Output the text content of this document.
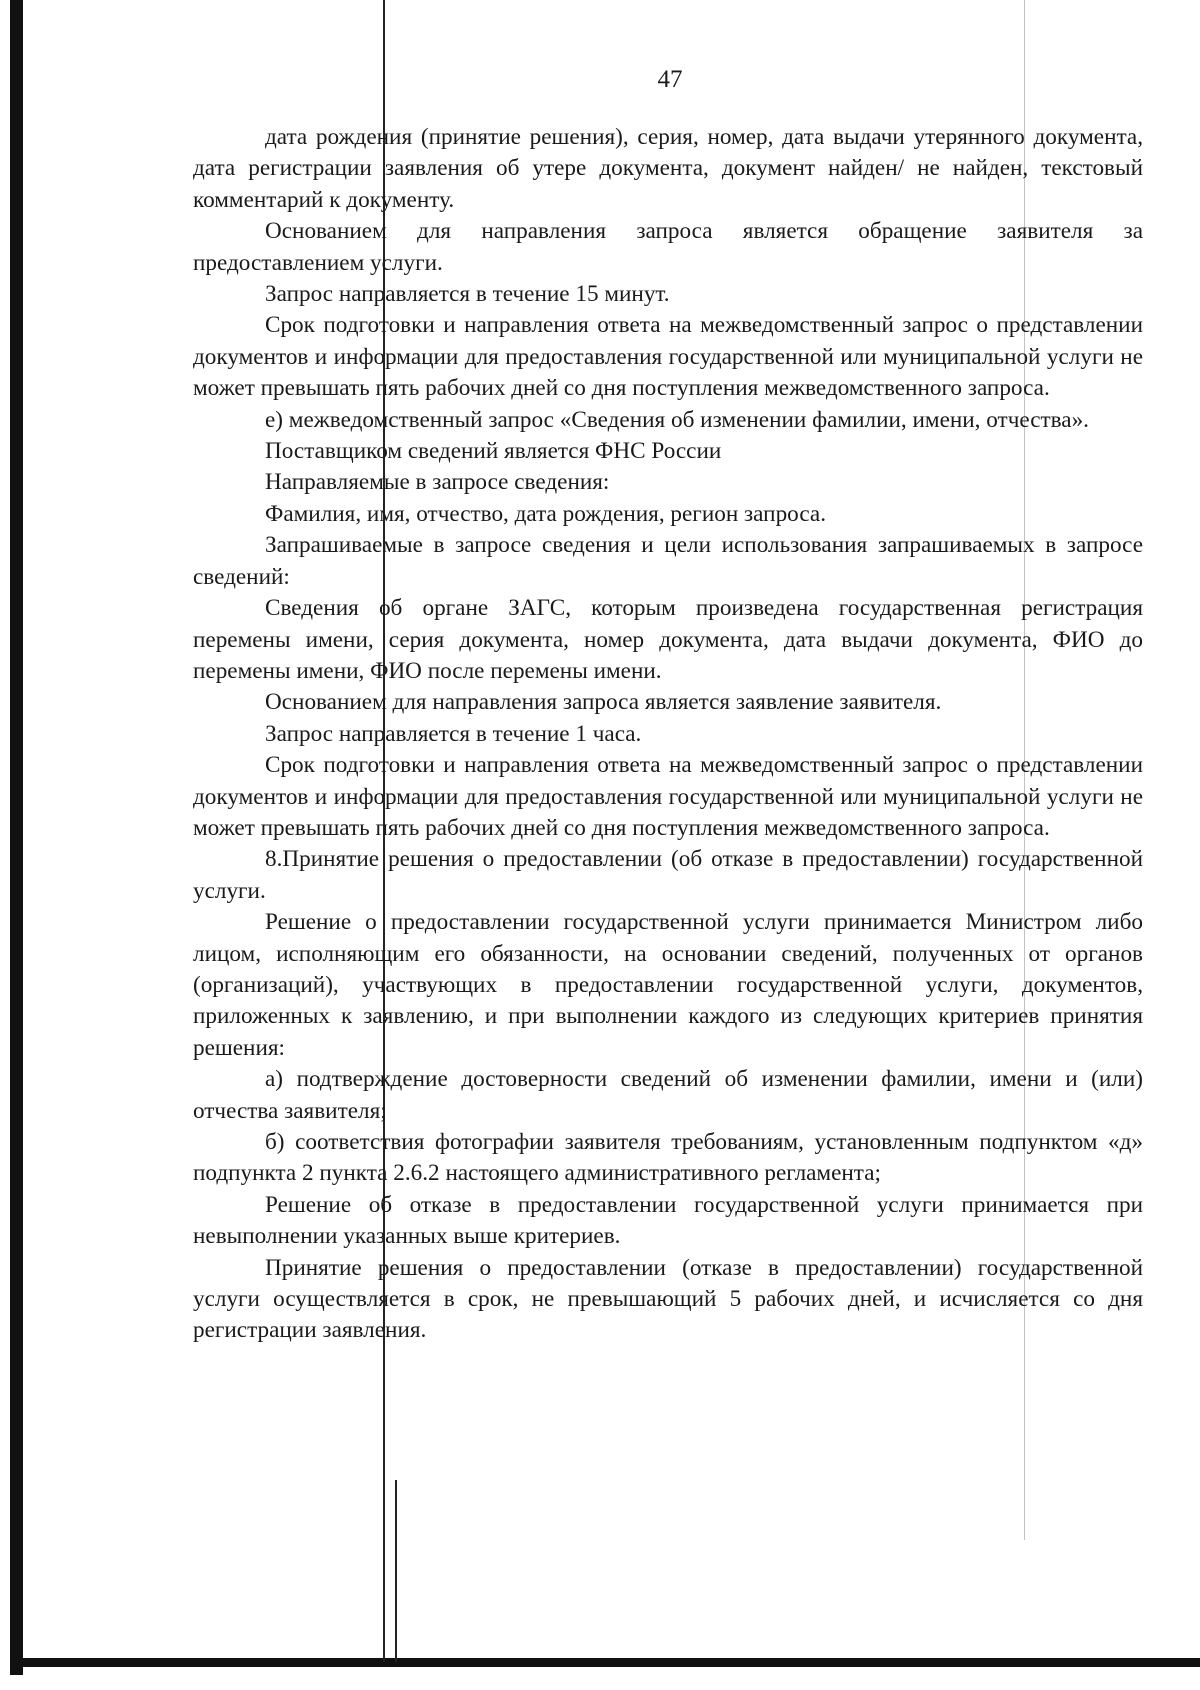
47

дата рождения (принятие решения), серия, номер, дата выдачи утерянного документа, дата регистрации заявления об утере документа, документ найден/ не найден, текстовый комментарий к документу.

Основанием для направления запроса является обращение заявителя за предоставлением услуги.

Запрос направляется в течение 15 минут.

Срок подготовки и направления ответа на межведомственный запрос о представлении документов и информации для предоставления государственной или муниципальной услуги не может превышать пять рабочих дней со дня поступления межведомственного запроса.

е) межведомственный запрос «Сведения об изменении фамилии, имени, отчества».

Поставщиком сведений является ФНС России

Направляемые в запросе сведения:

Фамилия, имя, отчество, дата рождения, регион запроса.

Запрашиваемые в запросе сведения и цели использования запрашиваемых в запросе сведений:

Сведения об органе ЗАГС, которым произведена государственная регистрация перемены имени, серия документа, номер документа, дата выдачи документа, ФИО до перемены имени, ФИО после перемены имени.

Основанием для направления запроса является заявление заявителя.

Запрос направляется в течение 1 часа.

Срок подготовки и направления ответа на межведомственный запрос о представлении документов и информации для предоставления государственной или муниципальной услуги не может превышать пять рабочих дней со дня поступления межведомственного запроса.

8.Принятие решения о предоставлении (об отказе в предоставлении) государственной услуги.

Решение о предоставлении государственной услуги принимается Министром либо лицом, исполняющим его обязанности, на основании сведений, полученных от органов (организаций), участвующих в предоставлении государственной услуги, документов, приложенных к заявлению, и при выполнении каждого из следующих критериев принятия решения:

а) подтверждение достоверности сведений об изменении фамилии, имени и (или) отчества заявителя;

б) соответствия фотографии заявителя требованиям, установленным подпунктом «д» подпункта 2 пункта 2.6.2 настоящего административного регламента;

Решение об отказе в предоставлении государственной услуги принимается при невыполнении указанных выше критериев.

Принятие решения о предоставлении (отказе в предоставлении) государственной услуги осуществляется в срок, не превышающий 5 рабочих дней, и исчисляется со дня регистрации заявления.
